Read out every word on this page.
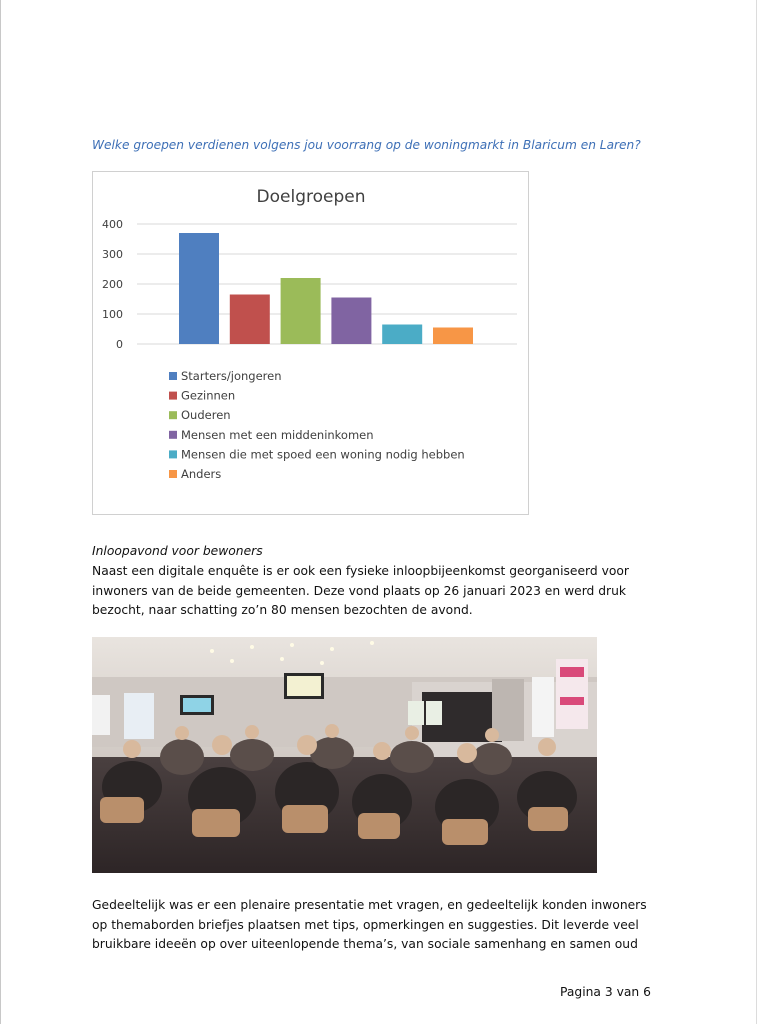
Welke groepen verdienen volgens jou voorrang op de woningmarkt in Blaricum en Laren?
Doelgroepen
0
100
200
300
400
Starters/jongeren
Gezinnen
Ouderen
Mensen met een middeninkomen
Mensen die met spoed een woning nodig hebben
Anders
Inloopavond voor bewoners

Naast een digitale enquête is er ook een fysieke inloopbijeenkomst georganiseerd voor
inwoners van de beide gemeenten. Deze vond plaats op 26 januari 2023 en werd druk
bezocht, naar schatting zo’n 80 mensen bezochten de avond.

Gedeeltelijk was er een plenaire presentatie met vragen, en gedeeltelijk konden inwoners
op themaborden briefjes plaatsen met tips, opmerkingen en suggesties. Dit leverde veel
bruikbare ideeën op over uiteenlopende thema’s, van sociale samenhang en samen oud

Pagina 3 van 6
